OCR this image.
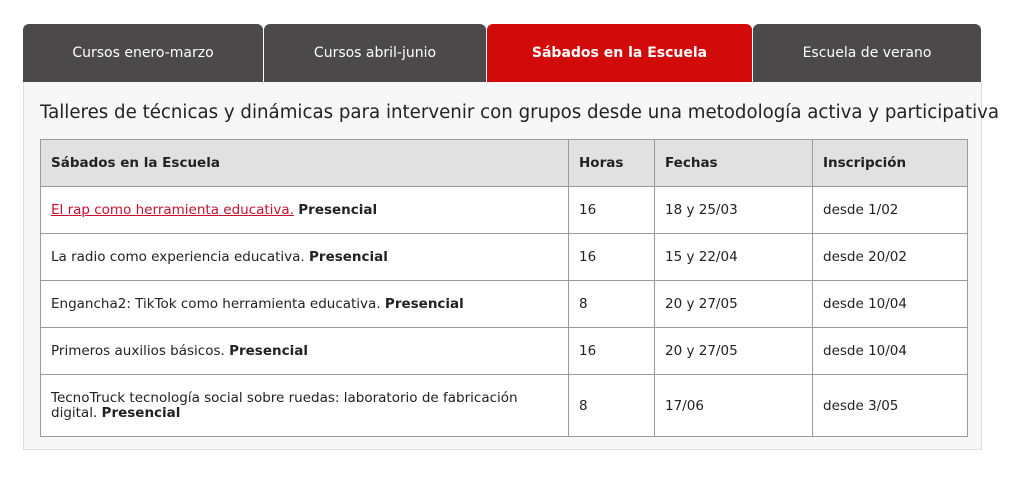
Cursos enero-marzo	Cursos abril-junio	Sábados en la Escuela	Escuela de verano
Talleres de técnicas y dinámicas para intervenir con grupos desde una metodología activa y participativa
Sábados en la Escuela	Horas	Fechas	Inscripción
El rap como herramienta educativa. Presencial	16	18 y 25/03	desde 1/02
La radio como experiencia educativa. Presencial	16	15 y 22/04	desde 20/02
Engancha2: TikTok como herramienta educativa. Presencial	8	20 y 27/05	desde 10/04
Primeros auxilios básicos. Presencial	16	20 y 27/05	desde 10/04
TecnoTruck tecnología social sobre ruedas: laboratorio de fabricación digital. Presencial	8	17/06	desde 3/05
